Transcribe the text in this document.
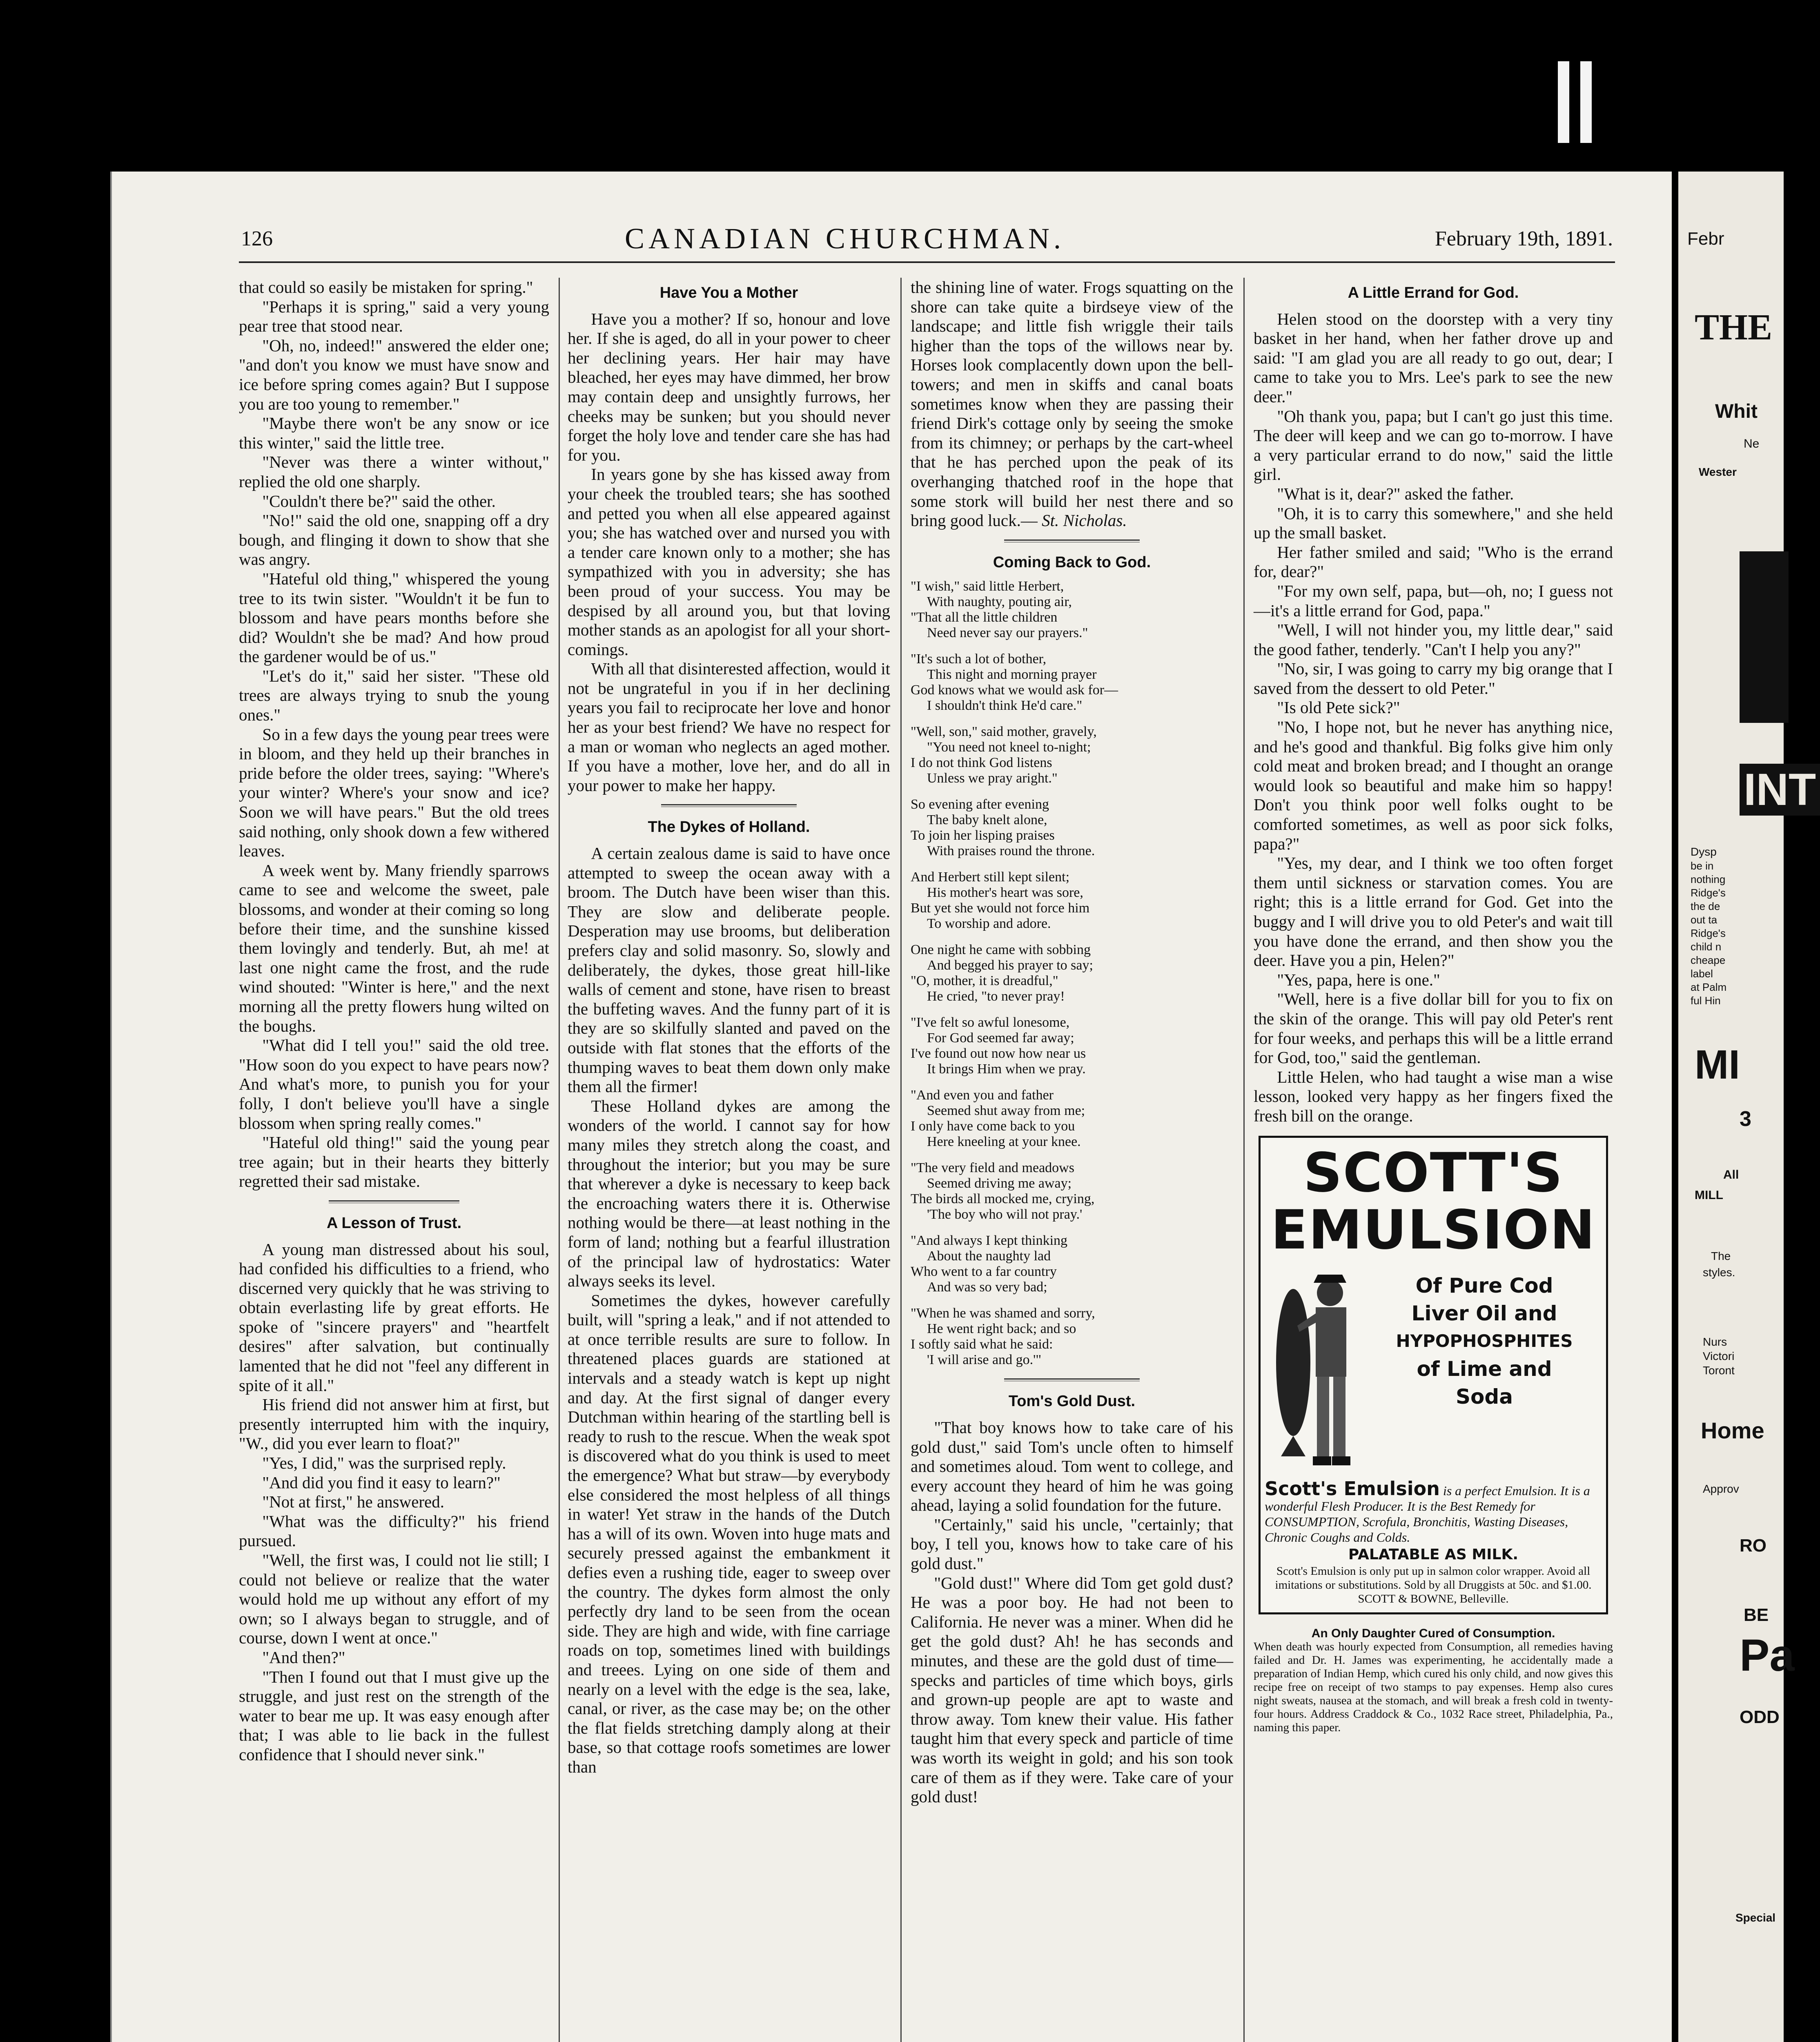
Febr
THE
Whit
Ne
Wester
INT
Dysp
be in
nothing
Ridge's
the de
out ta
Ridge's
child n
cheape
label
at Palm
ful Hin
MI
3
All
MILL
The
styles.
Nurs
Victori
Toront
Home
Approv
RO
BE
Pa
ODD
Special
126	CANADIAN CHURCHMAN.	February 19th, 1891.

that could so easily be mistaken for spring."

"Perhaps it is spring," said a very young pear tree that stood near.

"Oh, no, indeed!" answered the elder one; "and don't you know we must have snow and ice before spring comes again? But I suppose you are too young to remember."

"Maybe there won't be any snow or ice this winter," said the little tree.

"Never was there a winter without," replied the old one sharply.

"Couldn't there be?" said the other.

"No!" said the old one, snapping off a dry bough, and flinging it down to show that she was angry.

"Hateful old thing," whispered the young tree to its twin sister. "Wouldn't it be fun to blossom and have pears months before she did? Wouldn't she be mad? And how proud the gardener would be of us."

"Let's do it," said her sister. "These old trees are always trying to snub the young ones."

So in a few days the young pear trees were in bloom, and they held up their branches in pride before the older trees, saying: "Where's your winter? Where's your snow and ice? Soon we will have pears." But the old trees said nothing, only shook down a few withered leaves.

A week went by. Many friendly sparrows came to see and welcome the sweet, pale blossoms, and wonder at their coming so long before their time, and the sunshine kissed them lovingly and tenderly. But, ah me! at last one night came the frost, and the rude wind shouted: "Winter is here," and the next morning all the pretty flowers hung wilted on the boughs.

"What did I tell you!" said the old tree. "How soon do you expect to have pears now? And what's more, to punish you for your folly, I don't believe you'll have a single blossom when spring really comes."

"Hateful old thing!" said the young pear tree again; but in their hearts they bitterly regretted their sad mistake.

A Lesson of Trust.

A young man distressed about his soul, had confided his difficulties to a friend, who discerned very quickly that he was striving to obtain everlasting life by great efforts. He spoke of "sincere prayers" and "heartfelt desires" after salvation, but continually lamented that he did not "feel any different in spite of it all."

His friend did not answer him at first, but presently interrupted him with the inquiry, "W., did you ever learn to float?"

"Yes, I did," was the surprised reply.

"And did you find it easy to learn?"

"Not at first," he answered.

"What was the difficulty?" his friend pursued.

"Well, the first was, I could not lie still; I could not believe or realize that the water would hold me up without any effort of my own; so I always began to struggle, and of course, down I went at once."

"And then?"

"Then I found out that I must give up the struggle, and just rest on the strength of the water to bear me up. It was easy enough after that; I was able to lie back in the fullest confidence that I should never sink."

Have You a Mother

Have you a mother? If so, honour and love her. If she is aged, do all in your power to cheer her declining years. Her hair may have bleached, her eyes may have dimmed, her brow may contain deep and unsightly furrows, her cheeks may be sunken; but you should never forget the holy love and tender care she has had for you.

In years gone by she has kissed away from your cheek the troubled tears; she has soothed and petted you when all else appeared against you; she has watched over and nursed you with a tender care known only to a mother; she has sympathized with you in adversity; she has been proud of your success. You may be despised by all around you, but that loving mother stands as an apologist for all your short-comings.

With all that disinterested affection, would it not be ungrateful in you if in her declining years you fail to reciprocate her love and honor her as your best friend? We have no respect for a man or woman who neglects an aged mother. If you have a mother, love her, and do all in your power to make her happy.

The Dykes of Holland.

A certain zealous dame is said to have once attempted to sweep the ocean away with a broom. The Dutch have been wiser than this. They are slow and deliberate people. Desperation may use brooms, but deliberation prefers clay and solid masonry. So, slowly and deliberately, the dykes, those great hill-like walls of cement and stone, have risen to breast the buffeting waves. And the funny part of it is they are so skilfully slanted and paved on the outside with flat stones that the efforts of the thumping waves to beat them down only make them all the firmer!

These Holland dykes are among the wonders of the world. I cannot say for how many miles they stretch along the coast, and throughout the interior; but you may be sure that wherever a dyke is necessary to keep back the encroaching waters there it is. Otherwise nothing would be there—at least nothing in the form of land; nothing but a fearful illustration of the principal law of hydrostatics: Water always seeks its level.

Sometimes the dykes, however carefully built, will "spring a leak," and if not attended to at once terrible results are sure to follow. In threatened places guards are stationed at intervals and a steady watch is kept up night and day. At the first signal of danger every Dutchman within hearing of the startling bell is ready to rush to the rescue. When the weak spot is discovered what do you think is used to meet the emergence? What but straw—by everybody else considered the most helpless of all things in water! Yet straw in the hands of the Dutch has a will of its own. Woven into huge mats and securely pressed against the embankment it defies even a rushing tide, eager to sweep over the country. The dykes form almost the only perfectly dry land to be seen from the ocean side. They are high and wide, with fine carriage roads on top, sometimes lined with buildings and treees. Lying on one side of them and nearly on a level with the edge is the sea, lake, canal, or river, as the case may be; on the other the flat fields stretching damply along at their base, so that cottage roofs sometimes are lower than

the shining line of water. Frogs squatting on the shore can take quite a birdseye view of the landscape; and little fish wriggle their tails higher than the tops of the willows near by. Horses look complacently down upon the bell-towers; and men in skiffs and canal boats sometimes know when they are passing their friend Dirk's cottage only by seeing the smoke from its chimney; or perhaps by the cart-wheel that he has perched upon the peak of its overhanging thatched roof in the hope that some stork will build her nest there and so bring good luck.— St. Nicholas.

Coming Back to God.
"I wish," said little Herbert,
With naughty, pouting air,
"That all the little children
Need never say our prayers."
"It's such a lot of bother,
This night and morning prayer
God knows what we would ask for—
I shouldn't think He'd care."
"Well, son," said mother, gravely,
"You need not kneel to-night;
I do not think God listens
Unless we pray aright."
So evening after evening
The baby knelt alone,
To join her lisping praises
With praises round the throne.
And Herbert still kept silent;
His mother's heart was sore,
But yet she would not force him
To worship and adore.
One night he came with sobbing
And begged his prayer to say;
"O, mother, it is dreadful,"
He cried, "to never pray!
"I've felt so awful lonesome,
For God seemed far away;
I've found out now how near us
It brings Him when we pray.
"And even you and father
Seemed shut away from me;
I only have come back to you
Here kneeling at your knee.
"The very field and meadows
Seemed driving me away;
The birds all mocked me, crying,
'The boy who will not pray.'
"And always I kept thinking
About the naughty lad
Who went to a far country
And was so very bad;
"When he was shamed and sorry,
He went right back; and so
I softly said what he said:
'I will arise and go.'"
Tom's Gold Dust.

"That boy knows how to take care of his gold dust," said Tom's uncle often to himself and sometimes aloud. Tom went to college, and every account they heard of him he was going ahead, laying a solid foundation for the future.

"Certainly," said his uncle, "certainly; that boy, I tell you, knows how to take care of his gold dust."

"Gold dust!" Where did Tom get gold dust? He was a poor boy. He had not been to California. He never was a miner. When did he get the gold dust? Ah! he has seconds and minutes, and these are the gold dust of time—specks and particles of time which boys, girls and grown-up people are apt to waste and throw away. Tom knew their value. His father taught him that every speck and particle of time was worth its weight in gold; and his son took care of them as if they were. Take care of your gold dust!

A Little Errand for God.

Helen stood on the doorstep with a very tiny basket in her hand, when her father drove up and said: "I am glad you are all ready to go out, dear; I came to take you to Mrs. Lee's park to see the new deer."

"Oh thank you, papa; but I can't go just this time. The deer will keep and we can go to-morrow. I have a very particular errand to do now," said the little girl.

"What is it, dear?" asked the father.

"Oh, it is to carry this somewhere," and she held up the small basket.

Her father smiled and said; "Who is the errand for, dear?"

"For my own self, papa, but—oh, no; I guess not—it's a little errand for God, papa."

"Well, I will not hinder you, my little dear," said the good father, tenderly. "Can't I help you any?"

"No, sir, I was going to carry my big orange that I saved from the dessert to old Peter."

"Is old Pete sick?"

"No, I hope not, but he never has anything nice, and he's good and thankful. Big folks give him only cold meat and broken bread; and I thought an orange would look so beautiful and make him so happy! Don't you think poor well folks ought to be comforted sometimes, as well as poor sick folks, papa?"

"Yes, my dear, and I think we too often forget them until sickness or starvation comes. You are right; this is a little errand for God. Get into the buggy and I will drive you to old Peter's and wait till you have done the errand, and then show you the deer. Have you a pin, Helen?"

"Yes, papa, here is one."

"Well, here is a five dollar bill for you to fix on the skin of the orange. This will pay old Peter's rent for four weeks, and perhaps this will be a little errand for God, too," said the gentleman.

Little Helen, who had taught a wise man a wise lesson, looked very happy as her fingers fixed the fresh bill on the orange.

SCOTT'S
EMULSION
Of Pure Cod
Liver Oil and
HYPOPHOSPHITES
of Lime and
Soda
Scott's Emulsion is a perfect Emulsion. It is a wonderful Flesh Producer. It is the Best Remedy for CONSUMPTION, Scrofula, Bronchitis, Wasting Diseases, Chronic Coughs and Colds.
PALATABLE AS MILK.
Scott's Emulsion is only put up in salmon color wrapper. Avoid all imitations or substitutions. Sold by all Druggists at 50c. and $1.00.
SCOTT & BOWNE, Belleville.
An Only Daughter Cured of Consumption.
When death was hourly expected from Consumption, all remedies having failed and Dr. H. James was experimenting, he accidentally made a preparation of Indian Hemp, which cured his only child, and now gives this recipe free on receipt of two stamps to pay expenses. Hemp also cures night sweats, nausea at the stomach, and will break a fresh cold in twenty-four hours. Address Craddock & Co., 1032 Race street, Philadelphia, Pa., naming this paper.
